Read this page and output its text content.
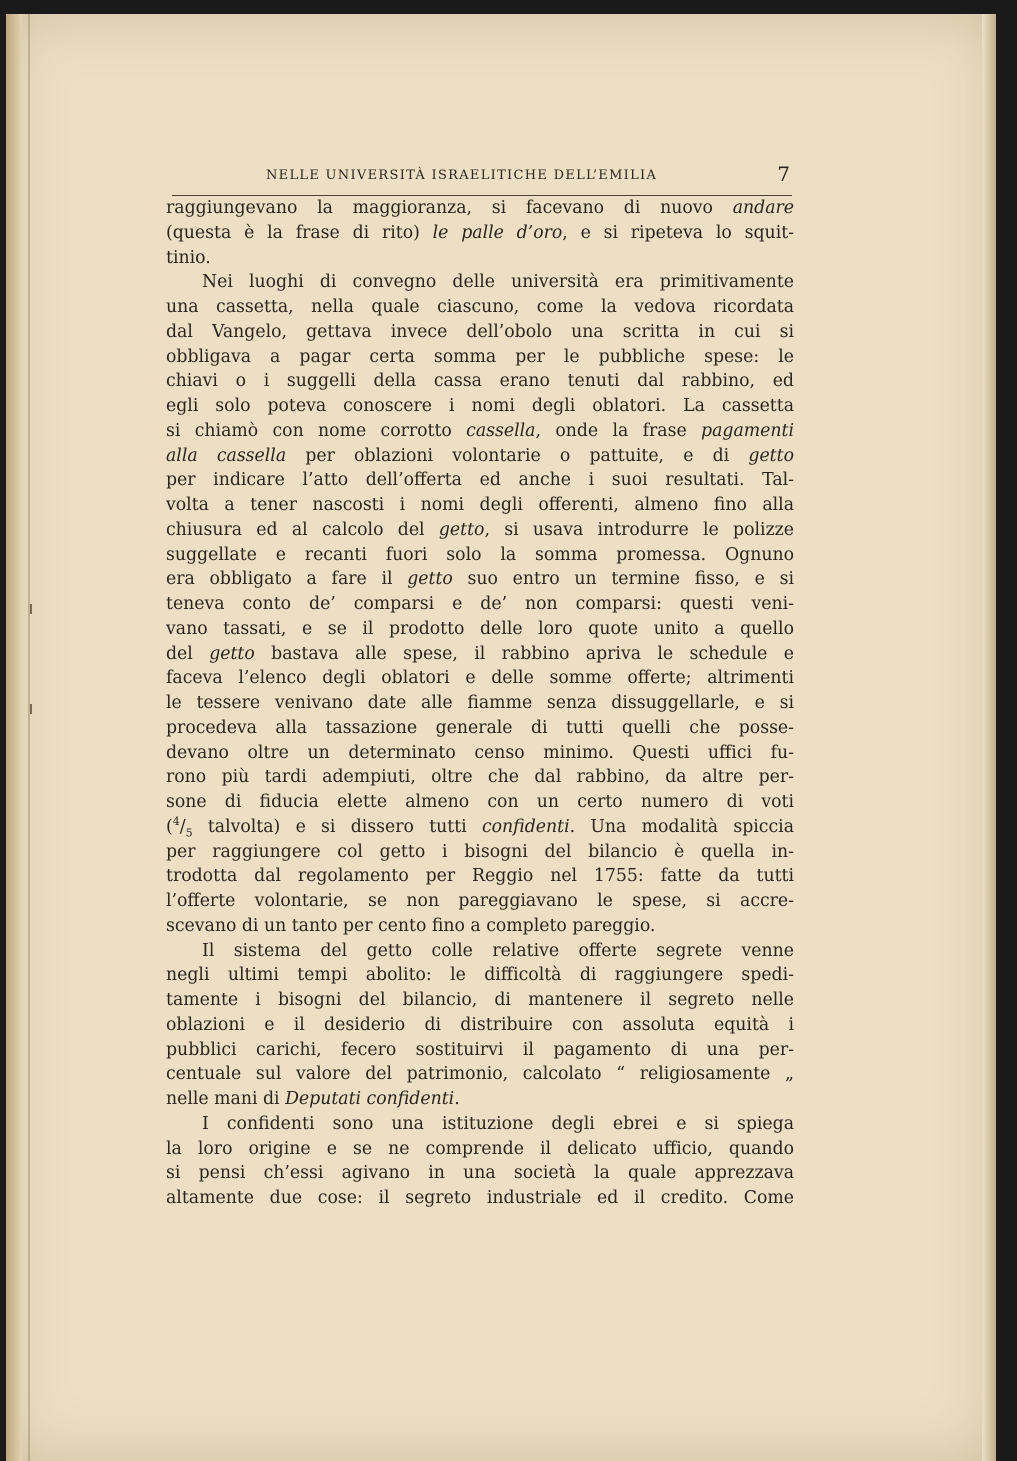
NELLE UNIVERSITÀ ISRAELITICHE DELL’EMILIA	7
raggiungevano la maggioranza, si facevano di nuovo andare
(questa è la frase di rito) le palle d’oro, e si ripeteva lo squit-
tinio.
Nei luoghi di convegno delle università era primitivamente
una cassetta, nella quale ciascuno, come la vedova ricordata
dal Vangelo, gettava invece dell’obolo una scritta in cui si
obbligava a pagar certa somma per le pubbliche spese: le
chiavi o i suggelli della cassa erano tenuti dal rabbino, ed
egli solo poteva conoscere i nomi degli oblatori. La cassetta
si chiamò con nome corrotto cassella, onde la frase pagamenti
alla cassella per oblazioni volontarie o pattuite, e di getto
per indicare l’atto dell’offerta ed anche i suoi resultati. Tal-
volta a tener nascosti i nomi degli offerenti, almeno fino alla
chiusura ed al calcolo del getto, si usava introdurre le polizze
suggellate e recanti fuori solo la somma promessa. Ognuno
era obbligato a fare il getto suo entro un termine fisso, e si
teneva conto de’ comparsi e de’ non comparsi: questi veni-
vano tassati, e se il prodotto delle loro quote unito a quello
del getto bastava alle spese, il rabbino apriva le schedule e
faceva l’elenco degli oblatori e delle somme offerte; altrimenti
le tessere venivano date alle fiamme senza dissuggellarle, e si
procedeva alla tassazione generale di tutti quelli che posse-
devano oltre un determinato censo minimo. Questi uffici fu-
rono più tardi adempiuti, oltre che dal rabbino, da altre per-
sone di fiducia elette almeno con un certo numero di voti
($^4/_5$ talvolta) e si dissero tutti confidenti. Una modalità spiccia
per raggiungere col getto i bisogni del bilancio è quella in-
trodotta dal regolamento per Reggio nel 1755: fatte da tutti
l’offerte volontarie, se non pareggiavano le spese, si accre-
scevano di un tanto per cento fino a completo pareggio.
Il sistema del getto colle relative offerte segrete venne
negli ultimi tempi abolito: le difficoltà di raggiungere spedi-
tamente i bisogni del bilancio, di mantenere il segreto nelle
oblazioni e il desiderio di distribuire con assoluta equità i
pubblici carichi, fecero sostituirvi il pagamento di una per-
centuale sul valore del patrimonio, calcolato “ religiosamente „
nelle mani di Deputati confidenti.
I confidenti sono una istituzione degli ebrei e si spiega
la loro origine e se ne comprende il delicato ufficio, quando
si pensi ch’essi agivano in una società la quale apprezzava
altamente due cose: il segreto industriale ed il credito. Come
